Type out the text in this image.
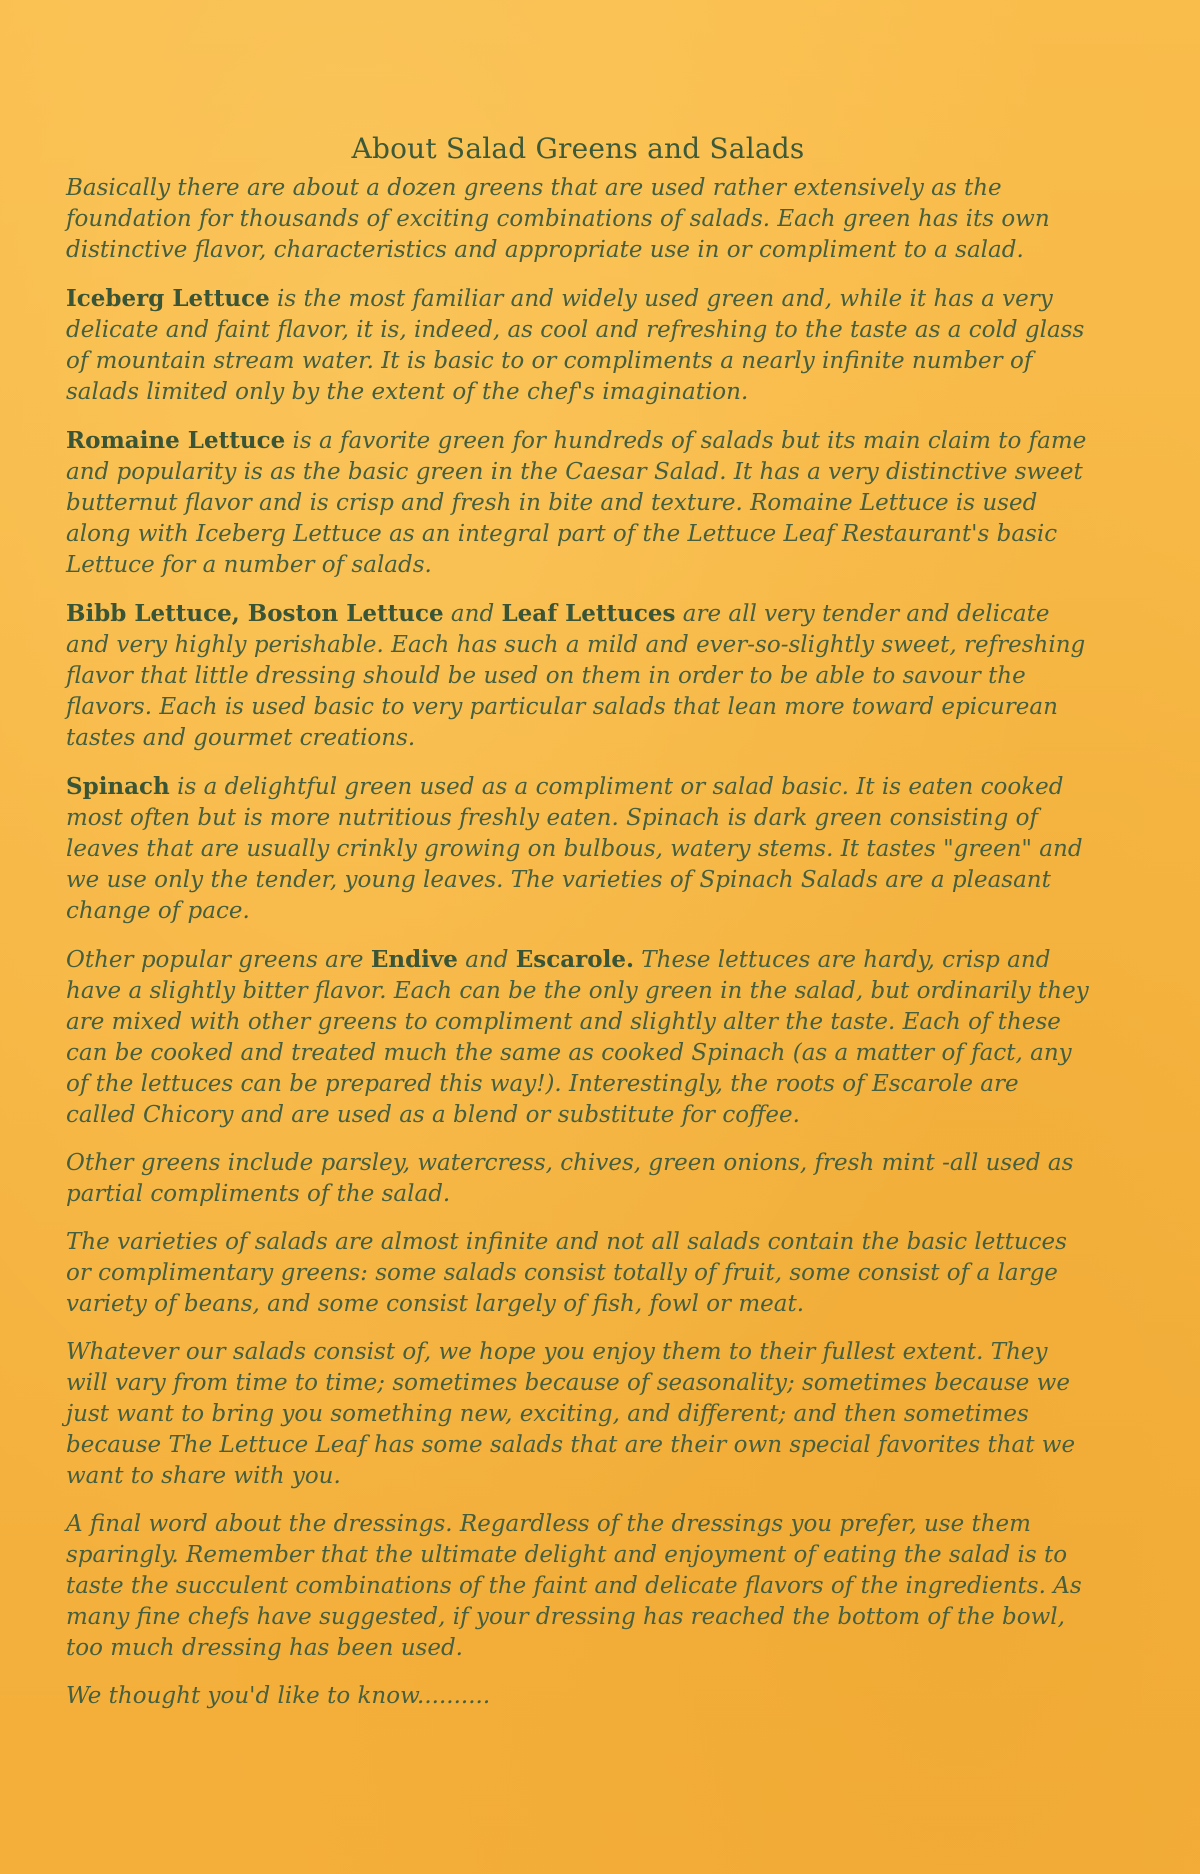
About Salad Greens and Salads

Basically there are about a dozen greens that are used rather extensively as the foundation for thousands of exciting combinations of salads. Each green has its own distinctive flavor, characteristics and appropriate use in or compliment to a salad.

Iceberg Lettuce is the most familiar and widely used green and, while it has a very delicate and faint flavor, it is, indeed, as cool and refreshing to the taste as a cold glass of mountain stream water. It is basic to or compliments a nearly infinite number of salads limited only by the extent of the chef's imagination.

Romaine Lettuce is a favorite green for hundreds of salads but its main claim to fame and popularity is as the basic green in the Caesar Salad. It has a very distinctive sweet butternut flavor and is crisp and fresh in bite and texture. Romaine Lettuce is used along with Iceberg Lettuce as an integral part of the Lettuce Leaf Restaurant's basic Lettuce for a number of salads.

Bibb Lettuce, Boston Lettuce and Leaf Lettuces are all very tender and delicate and very highly perishable. Each has such a mild and ever-so-slightly sweet, refreshing flavor that little dressing should be used on them in order to be able to savour the flavors. Each is used basic to very particular salads that lean more toward epicurean tastes and gourmet creations.

Spinach is a delightful green used as a compliment or salad basic. It is eaten cooked most often but is more nutritious freshly eaten. Spinach is dark green consisting of leaves that are usually crinkly growing on bulbous, watery stems. It tastes "green" and we use only the tender, young leaves. The varieties of Spinach Salads are a pleasant change of pace.

Other popular greens are Endive and Escarole. These lettuces are hardy, crisp and have a slightly bitter flavor. Each can be the only green in the salad, but ordinarily they are mixed with other greens to compliment and slightly alter the taste. Each of these can be cooked and treated much the same as cooked Spinach (as a matter of fact, any of the lettuces can be prepared this way!). Interestingly, the roots of Escarole are called Chicory and are used as a blend or substitute for coffee.

Other greens include parsley, watercress, chives, green onions, fresh mint -all used as partial compliments of the salad.

The varieties of salads are almost infinite and not all salads contain the basic lettuces or complimentary greens: some salads consist totally of fruit, some consist of a large variety of beans, and some consist largely of fish, fowl or meat.

Whatever our salads consist of, we hope you enjoy them to their fullest extent. They will vary from time to time; sometimes because of seasonality; sometimes because we just want to bring you something new, exciting, and different; and then sometimes because The Lettuce Leaf has some salads that are their own special favorites that we want to share with you.

A final word about the dressings. Regardless of the dressings you prefer, use them sparingly. Remember that the ultimate delight and enjoyment of eating the salad is to taste the succulent combinations of the faint and delicate flavors of the ingredients. As many fine chefs have suggested, if your dressing has reached the bottom of the bowl, too much dressing has been used.

We thought you'd like to know..........
